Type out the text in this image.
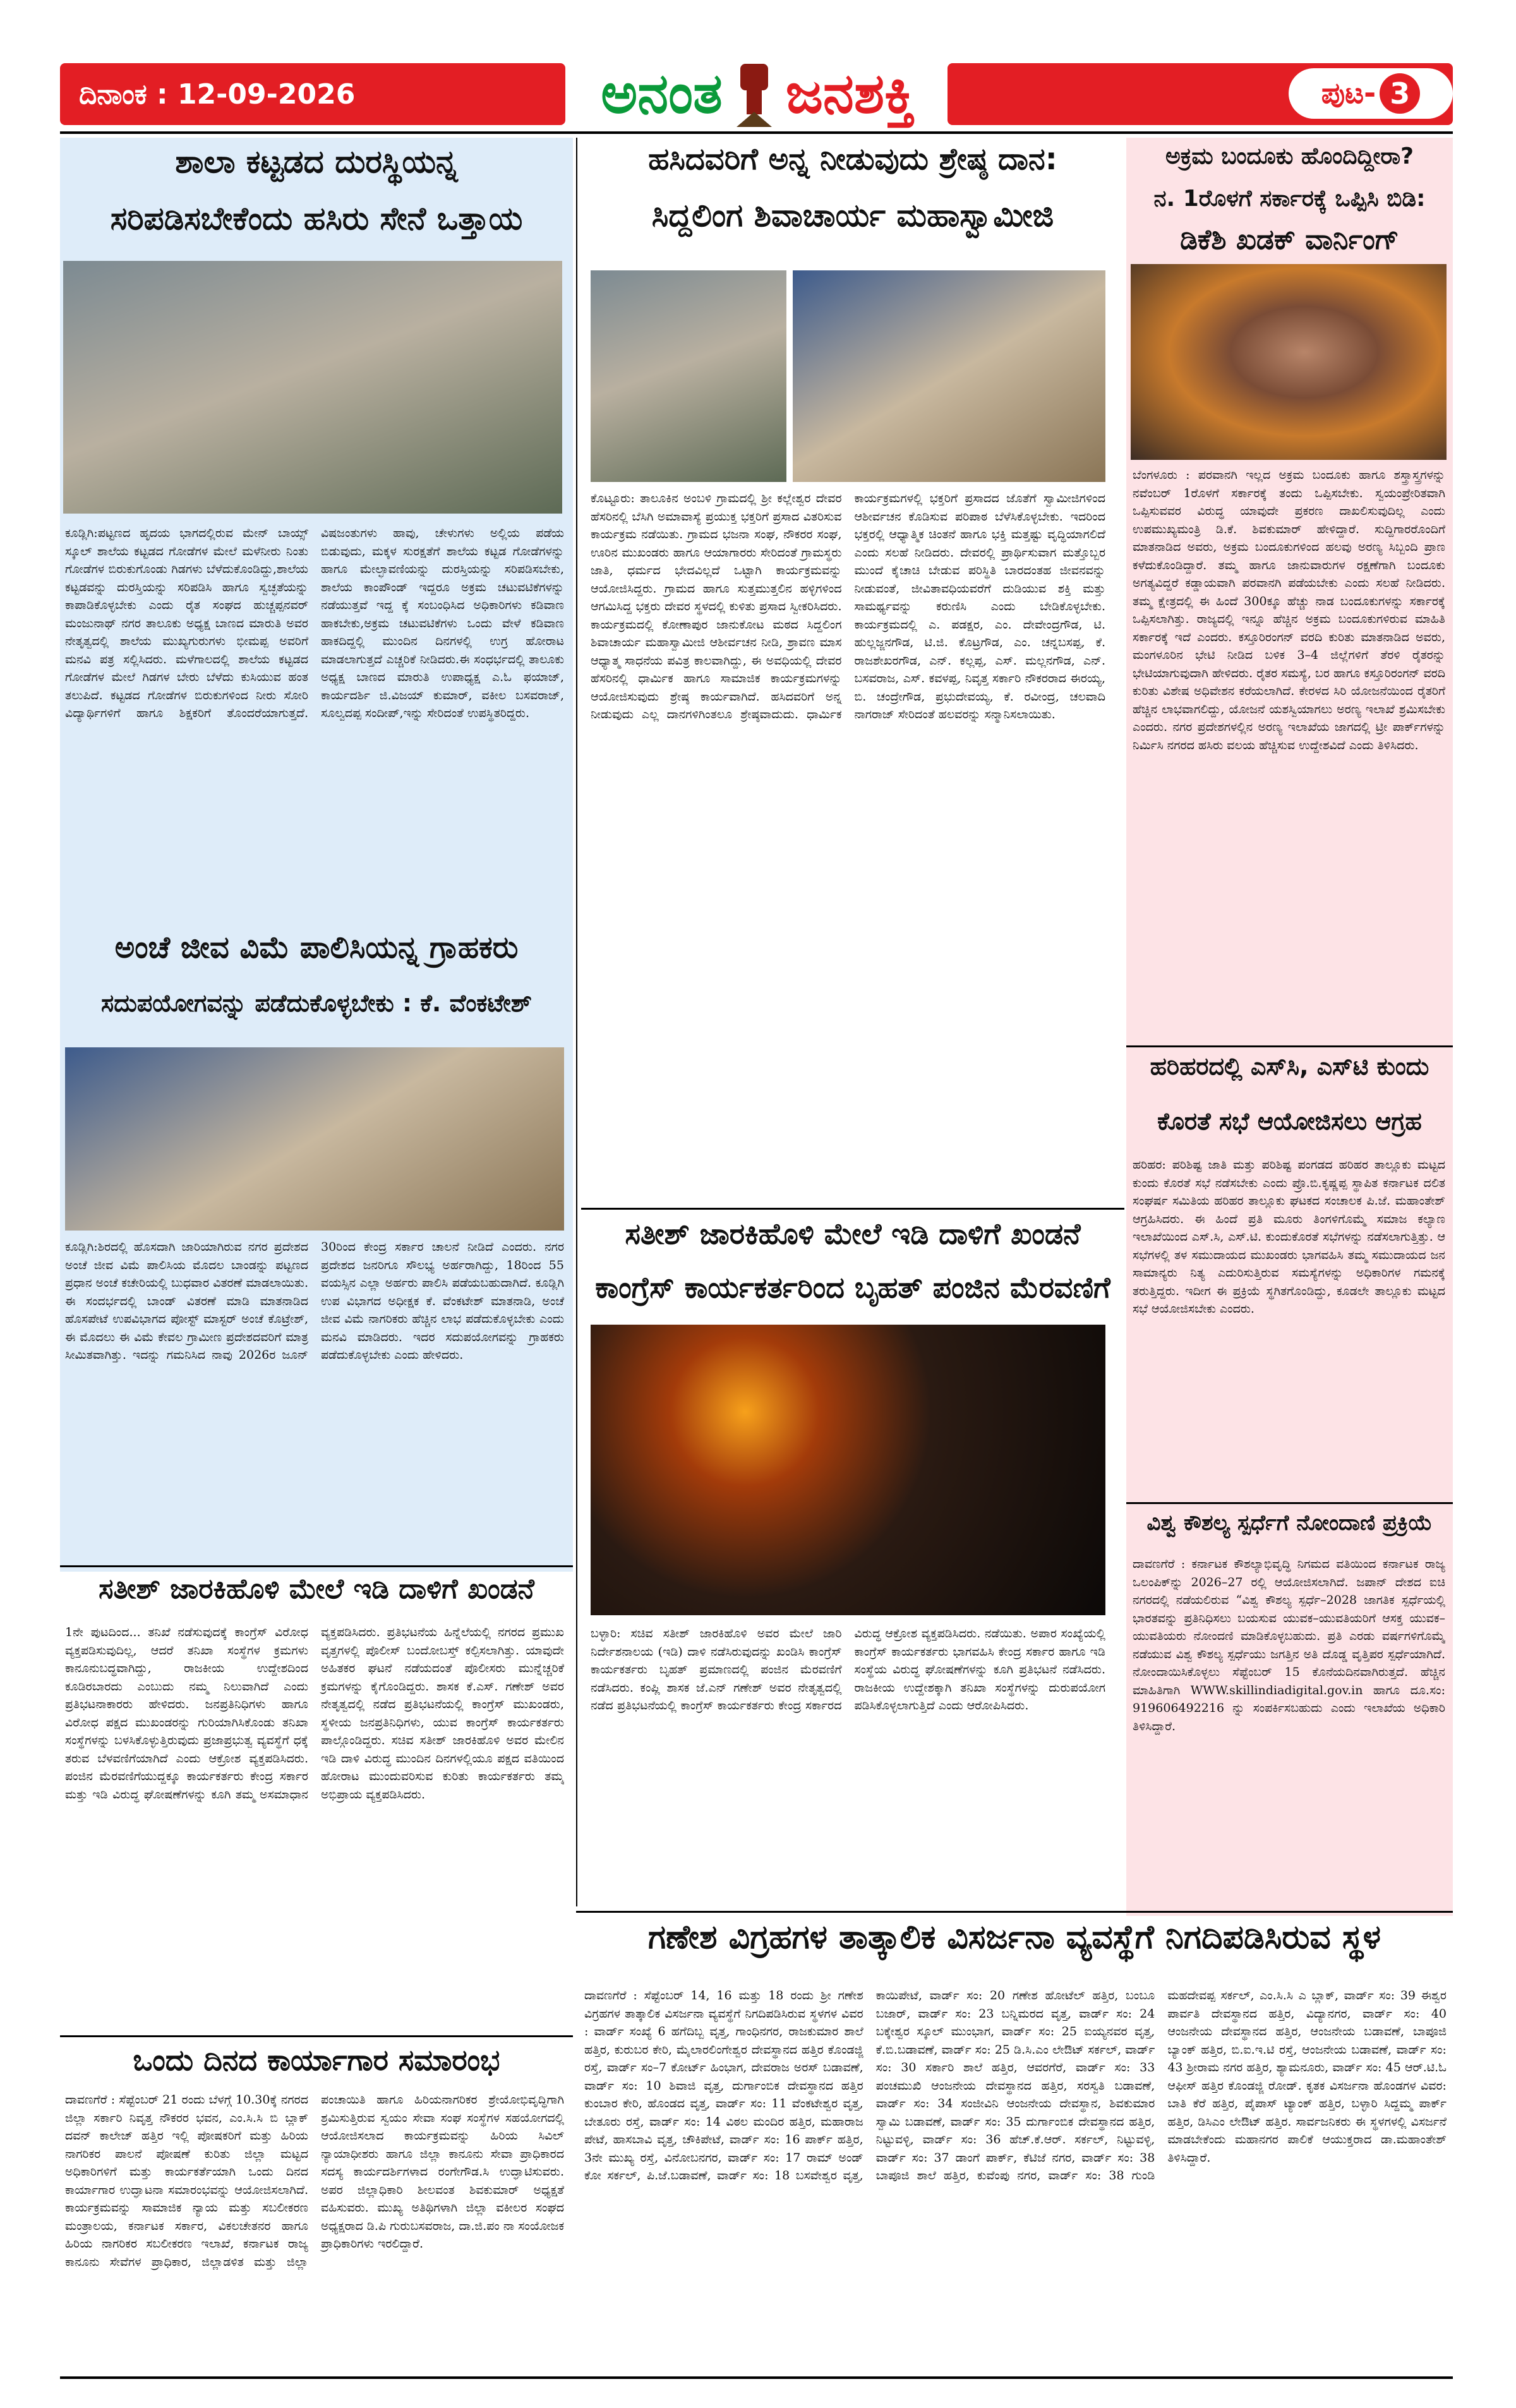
ದಿನಾಂಕ : 12-09-2026	ಪುಟ- 3
ಅನಂತ ಜನಶಕ್ತಿ
ಶಾಲಾ ಕಟ್ಟಡದ ದುರಸ್ಥಿಯನ್ನ
ಸರಿಪಡಿಸಬೇಕೆಂದು ಹಸಿರು ಸೇನೆ ಒತ್ತಾಯ
ಕೂಡ್ಲಿಗಿ:ಪಟ್ಟಣದ ಹೃದಯ ಭಾಗದಲ್ಲಿರುವ ಮೇನ್ ಬಾಯ್ಸ್ ಸ್ಕೂಲ್ ಶಾಲೆಯ ಕಟ್ಟಡದ ಗೋಡೆಗಳ ಮೇಲೆ ಮಳೆನೀರು ನಿಂತು ಗೋಡೆಗಳ ಬಿರುಕುಗೊಂಡು ಗಿಡಗಳು ಬೆಳೆದುಕೊಂಡಿದ್ದು,ಶಾಲೆಯ ಕಟ್ಟಡವನ್ನು ದುರಸ್ತಿಯನ್ನು ಸರಿಪಡಿಸಿ ಹಾಗೂ ಸ್ವಚ್ಛತೆಯನ್ನು ಕಾಪಾಡಿಕೊಳ್ಳಬೇಕು ಎಂದು ರೈತ ಸಂಘದ ಹುಚ್ಚಪ್ಪನವರ್ ಮಂಜುನಾಥ್ ನಗರ ತಾಲೂಕು ಅಧ್ಯಕ್ಷ ಬಾಣದ ಮಾರುತಿ ಅವರ ನೇತೃತ್ವದಲ್ಲಿ ಶಾಲೆಯ ಮುಖ್ಯಗುರುಗಳು ಭೀಮಪ್ಪ ಅವರಿಗೆ ಮನವಿ ಪತ್ರ ಸಲ್ಲಿಸಿದರು. ಮಳೆಗಾಲದಲ್ಲಿ ಶಾಲೆಯ ಕಟ್ಟಡದ ಗೋಡೆಗಳ ಮೇಲೆ ಗಿಡಗಳ ಬೇರು ಬೆಳೆದು ಕುಸಿಯುವ ಹಂತ ತಲುಪಿದೆ. ಕಟ್ಟಡದ ಗೋಡೆಗಳ ಬಿರುಕುಗಳಿಂದ ನೀರು ಸೋರಿ ವಿದ್ಯಾರ್ಥಿಗಳಿಗೆ ಹಾಗೂ ಶಿಕ್ಷಕರಿಗೆ ತೊಂದರೆಯಾಗುತ್ತದೆ. ವಿಷಜಂತುಗಳು ಹಾವು, ಚೇಳುಗಳು ಅಲ್ಲಿಯ ಪಡೆಯ ಬಿಡುವುದು, ಮಕ್ಕಳ ಸುರಕ್ಷತೆಗೆ ಶಾಲೆಯ ಕಟ್ಟಡ ಗೋಡೆಗಳನ್ನು ಹಾಗೂ ಮೇಲ್ಛಾವಣಿಯನ್ನು ದುರಸ್ತಿಯನ್ನು ಸರಿಪಡಿಸಬೇಕು, ಶಾಲೆಯ ಕಾಂಪೌಂಡ್ ಇದ್ದರೂ ಅಕ್ರಮ ಚಟುವಟಿಕೆಗಳನ್ನು ನಡೆಯುತ್ತವೆ ಇದ್ದ ಕ್ಕೆ ಸಂಬಂಧಿಸಿದ ಅಧಿಕಾರಿಗಳು ಕಡಿವಾಣ ಹಾಕಬೇಕು,ಅಕ್ರಮ ಚಟುವಟಿಕೆಗಳು ಒಂದು ವೇಳೆ ಕಡಿವಾಣ ಹಾಕದಿದ್ದಲ್ಲಿ ಮುಂದಿನ ದಿನಗಳಲ್ಲಿ ಉಗ್ರ ಹೋರಾಟ ಮಾಡಲಾಗುತ್ತದೆ ಎಚ್ಚರಿಕೆ ನೀಡಿದರು.ಈ ಸಂಧರ್ಭದಲ್ಲಿ ತಾಲೂಕು ಅಧ್ಯಕ್ಷ ಬಾಣದ ಮಾರುತಿ ಉಪಾಧ್ಯಕ್ಷ ಎ.ಓ ಫಯಾಜ್, ಕಾರ್ಯದರ್ಶಿ ಜಿ.ವಿಜಯ್ ಕುಮಾರ್, ವಕೀಲ ಬಸವರಾಜ್, ಸೂಲ್ವದಪ್ಪ ಸಂದೀಪ್,ಇನ್ನು ಸೇರಿದಂತೆ ಉಪಸ್ಥಿತರಿದ್ದರು.
ಅಂಚೆ ಜೀವ ವಿಮೆ ಪಾಲಿಸಿಯನ್ನ ಗ್ರಾಹಕರು
ಸದುಪಯೋಗವನ್ನು ಪಡೆದುಕೊಳ್ಳಬೇಕು : ಕೆ. ವೆಂಕಟೇಶ್
ಕೂಡ್ಲಿಗಿ:ಶಿರದಲ್ಲಿ ಹೊಸದಾಗಿ ಜಾರಿಯಾಗಿರುವ ನಗರ ಪ್ರದೇಶದ ಅಂಚೆ ಜೀವ ವಿಮೆ ಪಾಲಿಸಿಯ ಮೊದಲ ಬಾಂಡನ್ನು ಪಟ್ಟಣದ ಪ್ರಧಾನ ಅಂಚೆ ಕಚೇರಿಯಲ್ಲಿ ಬುಧವಾರ ವಿತರಣೆ ಮಾಡಲಾಯಿತು. ಈ ಸಂದರ್ಭದಲ್ಲಿ ಬಾಂಡ್ ವಿತರಣೆ ಮಾಡಿ ಮಾತನಾಡಿದ ಹೊಸಪೇಟೆ ಉಪವಿಭಾಗದ ಪೋಸ್ಟ್ ಮಾಸ್ಟರ್ ಅಂಚೆ ಕೊಟ್ರೇಶ್, ಈ ಮೊದಲು ಈ ವಿಮೆ ಕೇವಲ ಗ್ರಾಮೀಣ ಪ್ರದೇಶದವರಿಗೆ ಮಾತ್ರ ಸೀಮಿತವಾಗಿತ್ತು. ಇದನ್ನು ಗಮನಿಸಿದ ನಾವು 2026ರ ಜೂನ್ 30ರಿಂದ ಕೇಂದ್ರ ಸರ್ಕಾರ ಚಾಲನೆ ನೀಡಿದೆ ಎಂದರು. ನಗರ ಪ್ರದೇಶದ ಜನರಿಗೂ ಸೌಲಭ್ಯ ಅರ್ಹರಾಗಿದ್ದು, 18ರಿಂದ 55 ವಯಸ್ಸಿನ ಎಲ್ಲಾ ಅರ್ಹರು ಪಾಲಿಸಿ ಪಡೆಯಬಹುದಾಗಿದೆ. ಕೂಡ್ಲಿಗಿ ಉಪ ವಿಭಾಗದ ಅಧೀಕ್ಷಕ ಕೆ. ವೆಂಕಟೇಶ್ ಮಾತನಾಡಿ, ಅಂಚೆ ಜೀವ ವಿಮೆ ನಾಗರಿಕರು ಹೆಚ್ಚಿನ ಲಾಭ ಪಡೆದುಕೊಳ್ಳಬೇಕು ಎಂದು ಮನವಿ ಮಾಡಿದರು. ಇದರ ಸದುಪಯೋಗವನ್ನು ಗ್ರಾಹಕರು ಪಡೆದುಕೊಳ್ಳಬೇಕು ಎಂದು ಹೇಳಿದರು.
ಸತೀಶ್ ಜಾರಕಿಹೊಳಿ ಮೇಲೆ ಇಡಿ ದಾಳಿಗೆ ಖಂಡನೆ
1ನೇ ಪುಟದಿಂದ... ತನಿಖೆ ನಡೆಸುವುದಕ್ಕೆ ಕಾಂಗ್ರೆಸ್ ವಿರೋಧ ವ್ಯಕ್ತಪಡಿಸುವುದಿಲ್ಲ, ಆದರೆ ತನಿಖಾ ಸಂಸ್ಥೆಗಳ ಕ್ರಮಗಳು ಕಾನೂನುಬದ್ಧವಾಗಿದ್ದು, ರಾಜಕೀಯ ಉದ್ದೇಶದಿಂದ ಕೂಡಿರಬಾರದು ಎಂಬುದು ನಮ್ಮ ನಿಲುವಾಗಿದೆ ಎಂದು ಪ್ರತಿಭಟನಾಕಾರರು ಹೇಳಿದರು. ಜನಪ್ರತಿನಿಧಿಗಳು ಹಾಗೂ ವಿರೋಧ ಪಕ್ಷದ ಮುಖಂಡರನ್ನು ಗುರಿಯಾಗಿಸಿಕೊಂಡು ತನಿಖಾ ಸಂಸ್ಥೆಗಳನ್ನು ಬಳಸಿಕೊಳ್ಳುತ್ತಿರುವುದು ಪ್ರಜಾಪ್ರಭುತ್ವ ವ್ಯವಸ್ಥೆಗೆ ಧಕ್ಕೆ ತರುವ ಬೆಳವಣಿಗೆಯಾಗಿದೆ ಎಂದು ಆಕ್ರೋಶ ವ್ಯಕ್ತಪಡಿಸಿದರು. ಪಂಜಿನ ಮೆರವಣಿಗೆಯುದ್ದಕ್ಕೂ ಕಾರ್ಯಕರ್ತರು ಕೇಂದ್ರ ಸರ್ಕಾರ ಮತ್ತು ಇಡಿ ವಿರುದ್ಧ ಘೋಷಣೆಗಳನ್ನು ಕೂಗಿ ತಮ್ಮ ಅಸಮಾಧಾನ ವ್ಯಕ್ತಪಡಿಸಿದರು. ಪ್ರತಿಭಟನೆಯ ಹಿನ್ನೆಲೆಯಲ್ಲಿ ನಗರದ ಪ್ರಮುಖ ವೃತ್ತಗಳಲ್ಲಿ ಪೊಲೀಸ್ ಬಂದೋಬಸ್ತ್ ಕಲ್ಪಿಸಲಾಗಿತ್ತು. ಯಾವುದೇ ಅಹಿತಕರ ಘಟನೆ ನಡೆಯದಂತೆ ಪೊಲೀಸರು ಮುನ್ನೆಚ್ಚರಿಕೆ ಕ್ರಮಗಳನ್ನು ಕೈಗೊಂಡಿದ್ದರು. ಶಾಸಕ ಕೆ.ಎಸ್. ಗಣೇಶ್ ಅವರ ನೇತೃತ್ವದಲ್ಲಿ ನಡೆದ ಪ್ರತಿಭಟನೆಯಲ್ಲಿ ಕಾಂಗ್ರೆಸ್ ಮುಖಂಡರು, ಸ್ಥಳೀಯ ಜನಪ್ರತಿನಿಧಿಗಳು, ಯುವ ಕಾಂಗ್ರೆಸ್ ಕಾರ್ಯಕರ್ತರು ಪಾಲ್ಗೊಂಡಿದ್ದರು. ಸಚಿವ ಸತೀಶ್ ಜಾರಕಿಹೊಳಿ ಅವರ ಮೇಲಿನ ಇಡಿ ದಾಳಿ ವಿರುದ್ಧ ಮುಂದಿನ ದಿನಗಳಲ್ಲಿಯೂ ಪಕ್ಷದ ವತಿಯಿಂದ ಹೋರಾಟ ಮುಂದುವರಿಸುವ ಕುರಿತು ಕಾರ್ಯಕರ್ತರು ತಮ್ಮ ಅಭಿಪ್ರಾಯ ವ್ಯಕ್ತಪಡಿಸಿದರು.
ಒಂದು ದಿನದ ಕಾರ್ಯಾಗಾರ ಸಮಾರಂಭ
ದಾವಣಗೆರೆ : ಸೆಪ್ಟೆಂಬರ್ 21 ರಂದು ಬೆಳಗ್ಗೆ 10.30ಕ್ಕೆ ನಗರದ ಜಿಲ್ಲಾ ಸರ್ಕಾರಿ ನಿವೃತ್ತ ನೌಕರರ ಭವನ, ಎಂ.ಸಿ.ಸಿ ಬಿ ಬ್ಲಾಕ್ ದವನ್ ಕಾಲೇಜ್ ಹತ್ತಿರ ಇಲ್ಲಿ ಪೋಷಕರಿಗೆ ಮತ್ತು ಹಿರಿಯ ನಾಗರಿಕರ ಪಾಲನೆ ಪೋಷಣೆ ಕುರಿತು ಜಿಲ್ಲಾ ಮಟ್ಟದ ಅಧಿಕಾರಿಗಳಿಗೆ ಮತ್ತು ಕಾರ್ಯಕರ್ತೆಯಾಗಿ ಒಂದು ದಿನದ ಕಾರ್ಯಾಗಾರ ಉದ್ಘಾಟನಾ ಸಮಾರಂಭವನ್ನು ಆಯೋಜಿಸಲಾಗಿದೆ. ಕಾರ್ಯಕ್ರಮವನ್ನು ಸಾಮಾಜಿಕ ನ್ಯಾಯ ಮತ್ತು ಸಬಲೀಕರಣ ಮಂತ್ರಾಲಯ, ಕರ್ನಾಟಕ ಸರ್ಕಾರ, ವಿಕಲಚೇತನರ ಹಾಗೂ ಹಿರಿಯ ನಾಗರಿಕರ ಸಬಲೀಕರಣ ಇಲಾಖೆ, ಕರ್ನಾಟಕ ರಾಜ್ಯ ಕಾನೂನು ಸೇವೆಗಳ ಪ್ರಾಧಿಕಾರ, ಜಿಲ್ಲಾಡಳಿತ ಮತ್ತು ಜಿಲ್ಲಾ ಪಂಚಾಯಿತಿ ಹಾಗೂ ಹಿರಿಯನಾಗರಿಕರ ಶ್ರೇಯೋಭಿವೃದ್ಧಿಗಾಗಿ ಶ್ರಮಿಸುತ್ತಿರುವ ಸ್ವಯಂ ಸೇವಾ ಸಂಘ ಸಂಸ್ಥೆಗಳ ಸಹಯೋಗದಲ್ಲಿ ಆಯೋಜಿಸಲಾದ ಕಾರ್ಯಕ್ರಮವನ್ನು ಹಿರಿಯ ಸಿವಿಲ್ ನ್ಯಾಯಾಧೀಶರು ಹಾಗೂ ಜಿಲ್ಲಾ ಕಾನೂನು ಸೇವಾ ಪ್ರಾಧಿಕಾರದ ಸದಸ್ಯ ಕಾರ್ಯದರ್ಶಿಗಳಾದ ರಂಗೇಗೌಡ.ಸಿ ಉದ್ಘಾಟಿಸುವರು. ಅಪರ ಜಿಲ್ಲಾಧಿಕಾರಿ ಶೀಲವಂತ ಶಿವಕುಮಾರ್ ಅಧ್ಯಕ್ಷತೆ ವಹಿಸುವರು. ಮುಖ್ಯ ಅತಿಥಿಗಳಾಗಿ ಜಿಲ್ಲಾ ವಕೀಲರ ಸಂಘದ ಅಧ್ಯಕ್ಷರಾದ ಡಿ.ಪಿ ಗುರುಬಸವರಾಜ, ದಾ.ಜಿ.ಪಂ ನಾ ಸಂಯೋಜಕ ಪ್ರಾಧಿಕಾರಿಗಳು ಇರಲಿದ್ದಾರೆ.
ಹಸಿದವರಿಗೆ ಅನ್ನ ನೀಡುವುದು ಶ್ರೇಷ್ಠ ದಾನ:
ಸಿದ್ದಲಿಂಗ ಶಿವಾಚಾರ್ಯ ಮಹಾಸ್ವಾಮೀಜಿ
ಕೊಟ್ಟೂರು: ತಾಲೂಕಿನ ಅಂಬಳಿ ಗ್ರಾಮದಲ್ಲಿ ಶ್ರೀ ಕಲ್ಲೇಶ್ವರ ದೇವರ ಹೆಸರಿನಲ್ಲಿ ಬೆಸಿಗಿ ಅಮಾವಾಸ್ಯೆ ಪ್ರಯುಕ್ತ ಭಕ್ತರಿಗೆ ಪ್ರಸಾದ ವಿತರಿಸುವ ಕಾರ್ಯಕ್ರಮ ನಡೆಯಿತು. ಗ್ರಾಮದ ಭಜನಾ ಸಂಘ, ನೌಕರರ ಸಂಘ, ಊರಿನ ಮುಖಂಡರು ಹಾಗೂ ಆಯಾಗಾರರು ಸೇರಿದಂತೆ ಗ್ರಾಮಸ್ಥರು ಜಾತಿ, ಧರ್ಮದ ಭೇದವಿಲ್ಲದೆ ಒಟ್ಟಾಗಿ ಕಾರ್ಯಕ್ರಮವನ್ನು ಆಯೋಜಿಸಿದ್ದರು. ಗ್ರಾಮದ ಹಾಗೂ ಸುತ್ತಮುತ್ತಲಿನ ಹಳ್ಳಿಗಳಿಂದ ಆಗಮಿಸಿದ್ದ ಭಕ್ತರು ದೇವರ ಸ್ಥಳದಲ್ಲಿ ಕುಳಿತು ಪ್ರಸಾದ ಸ್ವೀಕರಿಸಿದರು. ಕಾರ್ಯಕ್ರಮದಲ್ಲಿ ಕೋಣಾಪುರ ಜಾನುಕೋಟ ಮಠದ ಸಿದ್ದಲಿಂಗ ಶಿವಾಚಾರ್ಯ ಮಹಾಸ್ವಾಮೀಜಿ ಆಶೀರ್ವಚನ ನೀಡಿ, ಶ್ರಾವಣ ಮಾಸ ಆಧ್ಯಾತ್ಮ ಸಾಧನೆಯ ಪವಿತ್ರ ಕಾಲವಾಗಿದ್ದು, ಈ ಅವಧಿಯಲ್ಲಿ ದೇವರ ಹೆಸರಿನಲ್ಲಿ ಧಾರ್ಮಿಕ ಹಾಗೂ ಸಾಮಾಜಿಕ ಕಾರ್ಯಕ್ರಮಗಳನ್ನು ಆಯೋಜಿಸುವುದು ಶ್ರೇಷ್ಠ ಕಾರ್ಯವಾಗಿದೆ. ಹಸಿದವರಿಗೆ ಅನ್ನ ನೀಡುವುದು ಎಲ್ಲ ದಾನಗಳಿಗಿಂತಲೂ ಶ್ರೇಷ್ಠವಾದುದು. ಧಾರ್ಮಿಕ ಕಾರ್ಯಕ್ರಮಗಳಲ್ಲಿ ಭಕ್ತರಿಗೆ ಪ್ರಸಾದದ ಜೊತೆಗೆ ಸ್ವಾಮೀಜಿಗಳಿಂದ ಆಶೀರ್ವಚನ ಕೊಡಿಸುವ ಪರಿಪಾಠ ಬೆಳೆಸಿಕೊಳ್ಳಬೇಕು. ಇದರಿಂದ ಭಕ್ತರಲ್ಲಿ ಆಧ್ಯಾತ್ಮಿಕ ಚಿಂತನೆ ಹಾಗೂ ಭಕ್ತಿ ಮತ್ತಷ್ಟು ವೃದ್ಧಿಯಾಗಲಿದೆ ಎಂದು ಸಲಹೆ ನೀಡಿದರು. ದೇವರಲ್ಲಿ ಪ್ರಾರ್ಥಿಸುವಾಗ ಮತ್ತೊಬ್ಬರ ಮುಂದೆ ಕೈಚಾಚಿ ಬೇಡುವ ಪರಿಸ್ಥಿತಿ ಬಾರದಂತಹ ಜೀವನವನ್ನು ನೀಡುವಂತೆ, ಜೀವಿತಾವಧಿಯವರೆಗೆ ದುಡಿಯುವ ಶಕ್ತಿ ಮತ್ತು ಸಾಮರ್ಥ್ಯವನ್ನು ಕರುಣಿಸಿ ಎಂದು ಬೇಡಿಕೊಳ್ಳಬೇಕು. ಕಾರ್ಯಕ್ರಮದಲ್ಲಿ ಎ. ಪಡಕ್ಷರ, ಎಂ. ದೇವೇಂದ್ರಗೌಡ, ಟಿ. ಹುಲ್ಲಜ್ಜನಗೌಡ, ಟಿ.ಜಿ. ಕೊಟ್ರಗೌಡ, ಎಂ. ಚನ್ನಬಸಪ್ಪ, ಕೆ. ರಾಜಶೇಖರಗೌಡ, ಎನ್. ಕಲ್ಲಪ್ಪ, ಎಸ್. ಮಲ್ಲನಗೌಡ, ಎನ್. ಬಸವರಾಜ, ಎಸ್. ಕವಳಪ್ಪ, ನಿವೃತ್ತ ಸರ್ಕಾರಿ ನೌಕರರಾದ ಈರಯ್ಯ, ಬಿ. ಚಂದ್ರೇಗೌಡ, ಪ್ರಭುದೇವಯ್ಯ, ಕೆ. ರವೀಂದ್ರ, ಚಲವಾದಿ ನಾಗರಾಜ್ ಸೇರಿದಂತೆ ಹಲವರನ್ನು ಸನ್ಮಾನಿಸಲಾಯಿತು.
ಸತೀಶ್ ಜಾರಕಿಹೊಳಿ ಮೇಲೆ ಇಡಿ ದಾಳಿಗೆ ಖಂಡನೆ
ಕಾಂಗ್ರೆಸ್ ಕಾರ್ಯಕರ್ತರಿಂದ ಬೃಹತ್ ಪಂಜಿನ ಮೆರವಣಿಗೆ
ಬಳ್ಳಾರಿ: ಸಚಿವ ಸತೀಶ್ ಜಾರಕಿಹೊಳಿ ಅವರ ಮೇಲೆ ಜಾರಿ ನಿರ್ದೇಶನಾಲಯ (ಇಡಿ) ದಾಳಿ ನಡೆಸಿರುವುದನ್ನು ಖಂಡಿಸಿ ಕಾಂಗ್ರೆಸ್ ಕಾರ್ಯಕರ್ತರು ಬೃಹತ್ ಪ್ರಮಾಣದಲ್ಲಿ ಪಂಜಿನ ಮೆರವಣಿಗೆ ನಡೆಸಿದರು. ಕಂಪ್ಲಿ ಶಾಸಕ ಜೆ.ಎನ್ ಗಣೇಶ್ ಅವರ ನೇತೃತ್ವದಲ್ಲಿ ನಡೆದ ಪ್ರತಿಭಟನೆಯಲ್ಲಿ ಕಾಂಗ್ರೆಸ್ ಕಾರ್ಯಕರ್ತರು ಕೇಂದ್ರ ಸರ್ಕಾರದ ವಿರುದ್ಧ ಆಕ್ರೋಶ ವ್ಯಕ್ತಪಡಿಸಿದರು. ನಡೆಯಿತು. ಅಪಾರ ಸಂಖ್ಯೆಯಲ್ಲಿ ಕಾಂಗ್ರೆಸ್ ಕಾರ್ಯಕರ್ತರು ಭಾಗವಹಿಸಿ ಕೇಂದ್ರ ಸರ್ಕಾರ ಹಾಗೂ ಇಡಿ ಸಂಸ್ಥೆಯ ವಿರುದ್ಧ ಘೋಷಣೆಗಳನ್ನು ಕೂಗಿ ಪ್ರತಿಭಟನೆ ನಡೆಸಿದರು. ರಾಜಕೀಯ ಉದ್ದೇಶಕ್ಕಾಗಿ ತನಿಖಾ ಸಂಸ್ಥೆಗಳನ್ನು ದುರುಪಯೋಗ ಪಡಿಸಿಕೊಳ್ಳಲಾಗುತ್ತಿದೆ ಎಂದು ಆರೋಪಿಸಿದರು.
ಅಕ್ರಮ ಬಂದೂಕು ಹೊಂದಿದ್ದೀರಾ?
ನ. 1ರೊಳಗೆ ಸರ್ಕಾರಕ್ಕೆ ಒಪ್ಪಿಸಿ ಬಿಡಿ:
ಡಿಕೆಶಿ ಖಡಕ್ ವಾರ್ನಿಂಗ್
ಬೆಂಗಳೂರು : ಪರವಾನಗಿ ಇಲ್ಲದ ಅಕ್ರಮ ಬಂದೂಕು ಹಾಗೂ ಶಸ್ತ್ರಾಸ್ತ್ರಗಳನ್ನು ನವೆಂಬರ್ 1ರೊಳಗೆ ಸರ್ಕಾರಕ್ಕೆ ತಂದು ಒಪ್ಪಿಸಬೇಕು. ಸ್ವಯಂಪ್ರೇರಿತವಾಗಿ ಒಪ್ಪಿಸುವವರ ವಿರುದ್ಧ ಯಾವುದೇ ಪ್ರಕರಣ ದಾಖಲಿಸುವುದಿಲ್ಲ ಎಂದು ಉಪಮುಖ್ಯಮಂತ್ರಿ ಡಿ.ಕೆ. ಶಿವಕುಮಾರ್ ಹೇಳಿದ್ದಾರೆ. ಸುದ್ದಿಗಾರರೊಂದಿಗೆ ಮಾತನಾಡಿದ ಅವರು, ಅಕ್ರಮ ಬಂದೂಕುಗಳಿಂದ ಹಲವು ಅರಣ್ಯ ಸಿಬ್ಬಂದಿ ಪ್ರಾಣ ಕಳೆದುಕೊಂಡಿದ್ದಾರೆ. ತಮ್ಮ ಹಾಗೂ ಜಾನುವಾರುಗಳ ರಕ್ಷಣೆಗಾಗಿ ಬಂದೂಕು ಅಗತ್ಯವಿದ್ದರೆ ಕಡ್ಡಾಯವಾಗಿ ಪರವಾನಗಿ ಪಡೆಯಬೇಕು ಎಂದು ಸಲಹೆ ನೀಡಿದರು. ತಮ್ಮ ಕ್ಷೇತ್ರದಲ್ಲಿ ಈ ಹಿಂದೆ 300ಕ್ಕೂ ಹೆಚ್ಚು ನಾಡ ಬಂದೂಕುಗಳನ್ನು ಸರ್ಕಾರಕ್ಕೆ ಒಪ್ಪಿಸಲಾಗಿತ್ತು. ರಾಜ್ಯದಲ್ಲಿ ಇನ್ನೂ ಹೆಚ್ಚಿನ ಅಕ್ರಮ ಬಂದೂಕುಗಳಿರುವ ಮಾಹಿತಿ ಸರ್ಕಾರಕ್ಕೆ ಇದೆ ಎಂದರು. ಕಸ್ತೂರಿರಂಗನ್ ವರದಿ ಕುರಿತು ಮಾತನಾಡಿದ ಅವರು, ಮಂಗಳೂರಿನ ಭೇಟಿ ನೀಡಿದ ಬಳಿಕ 3–4 ಜಿಲ್ಲೆಗಳಿಗೆ ತೆರಳಿ ರೈತರನ್ನು ಭೇಟಿಯಾಗುವುದಾಗಿ ಹೇಳಿದರು. ರೈತರ ಸಮಸ್ಯೆ, ಬರ ಹಾಗೂ ಕಸ್ತೂರಿರಂಗನ್ ವರದಿ ಕುರಿತು ವಿಶೇಷ ಅಧಿವೇಶನ ಕರೆಯಲಾಗಿದೆ. ಕೇರಳದ ಸಿರಿ ಯೋಜನೆಯಿಂದ ರೈತರಿಗೆ ಹೆಚ್ಚಿನ ಲಾಭವಾಗಲಿದ್ದು, ಯೋಜನೆ ಯಶಸ್ವಿಯಾಗಲು ಅರಣ್ಯ ಇಲಾಖೆ ಶ್ರಮಿಸಬೇಕು ಎಂದರು. ನಗರ ಪ್ರದೇಶಗಳಲ್ಲಿನ ಅರಣ್ಯ ಇಲಾಖೆಯ ಜಾಗದಲ್ಲಿ ಟ್ರೀ ಪಾರ್ಕ್‌ಗಳನ್ನು ನಿರ್ಮಿಸಿ ನಗರದ ಹಸಿರು ವಲಯ ಹೆಚ್ಚಿಸುವ ಉದ್ದೇಶವಿದೆ ಎಂದು ತಿಳಿಸಿದರು.
ಹರಿಹರದಲ್ಲಿ ಎಸ್‌ಸಿ, ಎಸ್‌ಟಿ ಕುಂದು
ಕೊರತೆ ಸಭೆ ಆಯೋಜಿಸಲು ಆಗ್ರಹ
ಹರಿಹರ: ಪರಿಶಿಷ್ಟ ಜಾತಿ ಮತ್ತು ಪರಿಶಿಷ್ಟ ಪಂಗಡದ ಹರಿಹರ ತಾಲ್ಲೂಕು ಮಟ್ಟದ ಕುಂದು ಕೊರತೆ ಸಭೆ ನಡೆಸಬೇಕು ಎಂದು ಪ್ರೊ.ಬಿ.ಕೃಷ್ಣಪ್ಪ ಸ್ಥಾಪಿತ ಕರ್ನಾಟಕ ದಲಿತ ಸಂಘರ್ಷ ಸಮಿತಿಯ ಹರಿಹರ ತಾಲ್ಲೂಕು ಘಟಕದ ಸಂಚಾಲಕ ಪಿ.ಜೆ. ಮಹಾಂತೇಶ್ ಆಗ್ರಹಿಸಿದರು. ಈ ಹಿಂದೆ ಪ್ರತಿ ಮೂರು ತಿಂಗಳಿಗೊಮ್ಮೆ ಸಮಾಜ ಕಲ್ಯಾಣ ಇಲಾಖೆಯಿಂದ ಎಸ್.ಸಿ, ಎಸ್.ಟಿ. ಕುಂದುಕೊರತೆ ಸಭೆಗಳನ್ನು ನಡೆಸಲಾಗುತ್ತಿತ್ತು. ಆ ಸಭೆಗಳಲ್ಲಿ ತಳ ಸಮುದಾಯದ ಮುಖಂಡರು ಭಾಗವಹಿಸಿ ತಮ್ಮ ಸಮುದಾಯದ ಜನ ಸಾಮಾನ್ಯರು ನಿತ್ಯ ಎದುರಿಸುತ್ತಿರುವ ಸಮಸ್ಯೆಗಳನ್ನು ಅಧಿಕಾರಿಗಳ ಗಮನಕ್ಕೆ ತರುತ್ತಿದ್ದರು. ಇದೀಗ ಈ ಪ್ರಕ್ರಿಯೆ ಸ್ಥಗಿತಗೊಂಡಿದ್ದು, ಕೂಡಲೇ ತಾಲ್ಲೂಕು ಮಟ್ಟದ ಸಭೆ ಆಯೋಜಿಸಬೇಕು ಎಂದರು.
ವಿಶ್ವ ಕೌಶಲ್ಯ ಸ್ಪರ್ಧೆಗೆ ನೋಂದಾಣಿ ಪ್ರಕ್ರಿಯೆ
ದಾವಣಗೆರೆ : ಕರ್ನಾಟಕ ಕೌಶಲ್ಯಾಭಿವೃದ್ಧಿ ನಿಗಮದ ವತಿಯಿಂದ ಕರ್ನಾಟಕ ರಾಜ್ಯ ಒಲಂಪಿಕ್‌ನ್ನು 2026–27 ರಲ್ಲಿ ಆಯೋಜಿಸಲಾಗಿದೆ. ಜಪಾನ್ ದೇಶದ ಐಚಿ ನಗರದಲ್ಲಿ ನಡೆಯಲಿರುವ “ವಿಶ್ವ ಕೌಶಲ್ಯ ಸ್ಪರ್ಧೆ–2028 ಜಾಗತಿಕ ಸ್ಪರ್ಧೆಯಲ್ಲಿ ಭಾರತವನ್ನು ಪ್ರತಿನಿಧಿಸಲು ಬಯಸುವ ಯುವಕ–ಯುವತಿಯರಿಗೆ ಆಸಕ್ತ ಯುವಕ–ಯುವತಿಯರು ನೋಂದಣಿ ಮಾಡಿಕೊಳ್ಳಬಹುದು. ಪ್ರತಿ ಎರಡು ವರ್ಷಗಳಿಗೊಮ್ಮೆ ನಡೆಯುವ ವಿಶ್ವ ಕೌಶಲ್ಯ ಸ್ಪರ್ಧೆಯು ಜಗತ್ತಿನ ಅತಿ ದೊಡ್ಡ ವೃತ್ತಿಪರ ಸ್ಪರ್ಧೆಯಾಗಿದೆ. ನೋಂದಾಯಿಸಿಕೊಳ್ಳಲು ಸೆಪ್ಟೆಂಬರ್ 15 ಕೊನೆಯದಿನವಾಗಿರುತ್ತದೆ. ಹೆಚ್ಚಿನ ಮಾಹಿತಿಗಾಗಿ WWW.skillindiadigital.gov.in ಹಾಗೂ ದೂ.ಸಂ: 919606492216 ನ್ನು ಸಂಪರ್ಕಿಸಬಹುದು ಎಂದು ಇಲಾಖೆಯ ಅಧಿಕಾರಿ ತಿಳಿಸಿದ್ದಾರೆ.
ಗಣೇಶ ವಿಗ್ರಹಗಳ ತಾತ್ಕಾಲಿಕ ವಿಸರ್ಜನಾ ವ್ಯವಸ್ಥೆಗೆ ನಿಗದಿಪಡಿಸಿರುವ ಸ್ಥಳ
ದಾವಣಗೆರೆ : ಸೆಪ್ಟೆಂಬರ್ 14, 16 ಮತ್ತು 18 ರಂದು ಶ್ರೀ ಗಣೇಶ ವಿಗ್ರಹಗಳ ತಾತ್ಕಾಲಿಕ ವಿಸರ್ಜನಾ ವ್ಯವಸ್ಥೆಗೆ ನಿಗದಿಪಡಿಸಿರುವ ಸ್ಥಳಗಳ ವಿವರ : ವಾರ್ಡ್ ಸಂಖ್ಯೆ 6 ಹಗೆದಿಬ್ಬ ವೃತ್ತ, ಗಾಂಧಿನಗರ, ರಾಜಕುಮಾರ ಶಾಲೆ ಹತ್ತಿರ, ಕುರುಬರ ಕೇರಿ, ಮೈಲಾರಲಿಂಗೇಶ್ವರ ದೇವಸ್ಥಾನದ ಹತ್ತಿರ ಕೊಂಡಜ್ಜಿ ರಸ್ತೆ, ವಾರ್ಡ್ ಸಂ–7 ಕೋರ್ಟ್ ಹಿಂಭಾಗ, ದೇವರಾಜ ಅರಸ್ ಬಡಾವಣೆ, ವಾರ್ಡ್ ಸಂ: 10 ಶಿವಾಜಿ ವೃತ್ತ, ದುರ್ಗಾಂಬಿಕ ದೇವಸ್ಥಾನದ ಹತ್ತಿರ ಕುಂಬಾರ ಕೇರಿ, ಹೊಂಡದ ವೃತ್ತ, ವಾರ್ಡ್ ಸಂ: 11 ವೆಂಕಟೇಶ್ವರ ವೃತ್ತ, ಬೇತೂರು ರಸ್ತೆ, ವಾರ್ಡ್ ಸಂ: 14 ವಿಠಲ ಮಂದಿರ ಹತ್ತಿರ, ಮಹಾರಾಜ ಪೇಟೆ, ಹಾಸಬಾವಿ ವೃತ್ತ, ಚೌಕಿಪೇಟೆ, ವಾರ್ಡ್ ಸಂ: 16 ಪಾರ್ಕ್ ಹತ್ತಿರ, 3ನೇ ಮುಖ್ಯ ರಸ್ತೆ, ವಿನೋಬನಗರ, ವಾರ್ಡ್ ಸಂ: 17 ರಾಮ್ ಅಂಡ್ ಕೋ ಸರ್ಕಲ್, ಪಿ.ಜೆ.ಬಡಾವಣೆ, ವಾರ್ಡ್ ಸಂ: 18 ಬಸವೇಶ್ವರ ವೃತ್ತ, ಕಾಯಿಪೇಟೆ, ವಾರ್ಡ್ ಸಂ: 20 ಗಣೇಶ ಹೋಟೆಲ್ ಹತ್ತಿರ, ಬಂಬೂ ಬಜಾರ್, ವಾರ್ಡ್ ಸಂ: 23 ಬನ್ನಿಮರದ ವೃತ್ತ, ವಾರ್ಡ್ ಸಂ: 24 ಬಕ್ಕೇಶ್ವರ ಸ್ಕೂಲ್ ಮುಂಭಾಗ, ವಾರ್ಡ್ ಸಂ: 25 ಐಯ್ಯನವರ ವೃತ್ತ, ಕೆ.ಬಿ.ಬಡಾವಣೆ, ವಾರ್ಡ್ ಸಂ: 25 ಡಿ.ಸಿ.ಎಂ ಲೇಔಟ್ ಸರ್ಕಲ್, ವಾರ್ಡ್ ಸಂ: 30 ಸರ್ಕಾರಿ ಶಾಲೆ ಹತ್ತಿರ, ಆವರಗೆರೆ, ವಾರ್ಡ್ ಸಂ: 33 ಪಂಚಮುಖಿ ಆಂಜನೇಯ ದೇವಸ್ಥಾನದ ಹತ್ತಿರ, ಸರಸ್ವತಿ ಬಡಾವಣೆ, ವಾರ್ಡ್ ಸಂ: 34 ಸಂಜೀವಿನಿ ಆಂಜನೇಯ ದೇವಸ್ಥಾನ, ಶಿವಕುಮಾರ ಸ್ವಾಮಿ ಬಡಾವಣೆ, ವಾರ್ಡ್ ಸಂ: 35 ದುರ್ಗಾಂಬಿಕ ದೇವಸ್ಥಾನದ ಹತ್ತಿರ, ನಿಟ್ಟುವಳ್ಳಿ, ವಾರ್ಡ್ ಸಂ: 36 ಹೆಚ್.ಕೆ.ಆರ್. ಸರ್ಕಲ್, ನಿಟ್ಟುವಳ್ಳಿ, ವಾರ್ಡ್ ಸಂ: 37 ಡಾಂಗೆ ಪಾರ್ಕ್, ಕೆಟಿಜೆ ನಗರ, ವಾರ್ಡ್ ಸಂ: 38 ಬಾಪೂಜಿ ಶಾಲೆ ಹತ್ತಿರ, ಕುವೆಂಪು ನಗರ, ವಾರ್ಡ್ ಸಂ: 38 ಗುಂಡಿ ಮಹದೇವಪ್ಪ ಸರ್ಕಲ್, ಎಂ.ಸಿ.ಸಿ ಎ ಬ್ಲಾಕ್, ವಾರ್ಡ್ ಸಂ: 39 ಈಶ್ವರ ಪಾರ್ವತಿ ದೇವಸ್ಥಾನದ ಹತ್ತಿರ, ವಿದ್ಯಾನಗರ, ವಾರ್ಡ್ ಸಂ: 40 ಆಂಜನೇಯ ದೇವಸ್ಥಾನದ ಹತ್ತಿರ, ಆಂಜನೇಯ ಬಡಾವಣೆ, ಬಾಪೂಜಿ ಬ್ಯಾಂಕ್ ಹತ್ತಿರ, ಬಿ.ಐ.ಇ.ಟಿ ರಸ್ತೆ, ಆಂಜನೇಯ ಬಡಾವಣೆ, ವಾರ್ಡ್ ಸಂ: 43 ಶ್ರೀರಾಮ ನಗರ ಹತ್ತಿರ, ಶ್ಯಾಮನೂರು, ವಾರ್ಡ್ ಸಂ: 45 ಆರ್.ಟಿ.ಓ ಆಫೀಸ್ ಹತ್ತಿರ ಕೊಂಡಜ್ಜಿ ರೋಡ್. ಕೃತಕ ವಿಸರ್ಜನಾ ಹೊಂಡಗಳ ವಿವರ: ಬಾತಿ ಕೆರೆ ಹತ್ತಿರ, ಪೈಪಾಸ್ ಟ್ಯಾಂಕ್ ಹತ್ತಿರ, ಬಳ್ಳಾರಿ ಸಿದ್ದಮ್ಮ ಪಾರ್ಕ್ ಹತ್ತಿರ, ಡಿಸಿಎಂ ಲೇಔಟ್ ಹತ್ತಿರ. ಸಾರ್ವಜನಿಕರು ಈ ಸ್ಥಳಗಳಲ್ಲಿ ವಿಸರ್ಜನೆ ಮಾಡಬೇಕೆಂದು ಮಹಾನಗರ ಪಾಲಿಕೆ ಆಯುಕ್ತರಾದ ಡಾ.ಮಹಾಂತೇಶ್ ತಿಳಿಸಿದ್ದಾರೆ.
